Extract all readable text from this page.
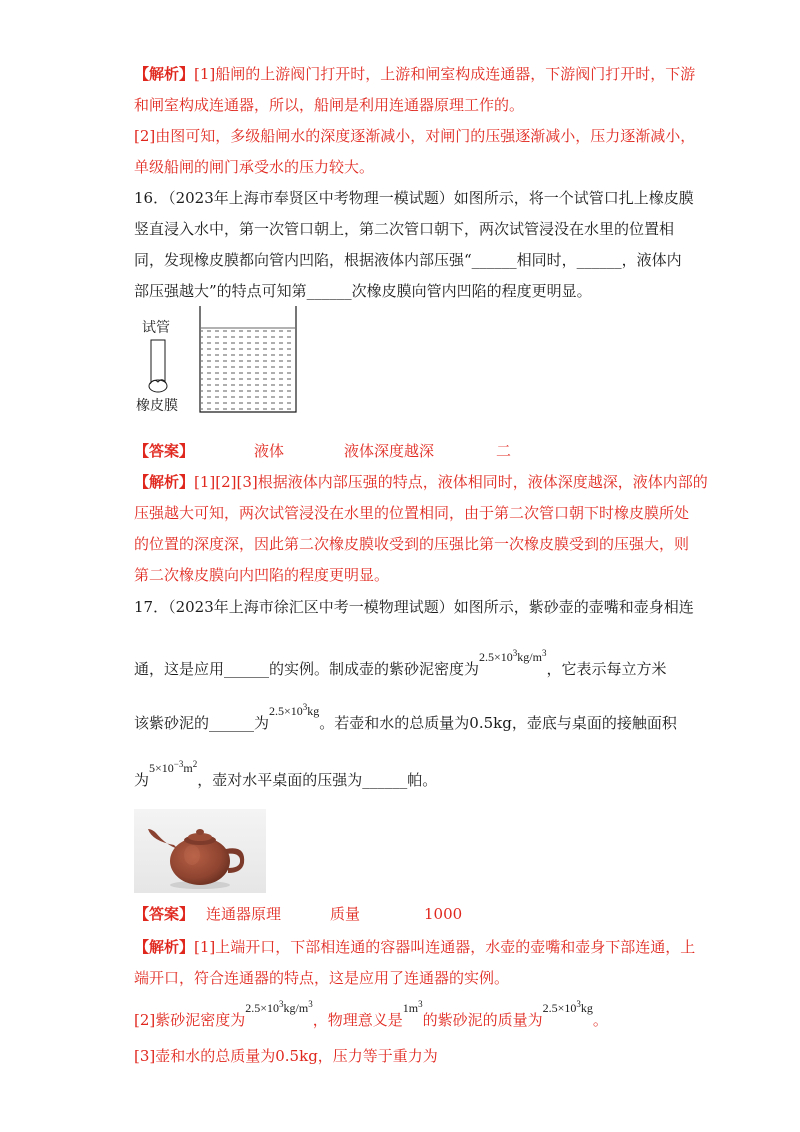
【解析】[1]船闸的上游阀门打开时，上游和闸室构成连通器，下游阀门打开时，下游
和闸室构成连通器，所以，船闸是利用连通器原理工作的。
[2]由图可知，多级船闸水的深度逐渐减小，对闸门的压强逐渐减小，压力逐渐减小，
单级船闸的闸门承受水的压力较大。
16．（2023年上海市奉贤区中考物理一模试题）如图所示，将一个试管口扎上橡皮膜
竖直浸入水中，第一次管口朝上，第二次管口朝下，两次试管浸没在水里的位置相
同，发现橡皮膜都向管内凹陷，根据液体内部压强“______相同时，______，液体内
部压强越大”的特点可知第______次橡皮膜向管内凹陷的程度更明显。
试管
橡皮膜
【答案】	液体	液体深度越深	二
【解析】[1][2][3]根据液体内部压强的特点，液体相同时，液体深度越深，液体内部的
压强越大可知，两次试管浸没在水里的位置相同，由于第二次管口朝下时橡皮膜所处
的位置的深度深，因此第二次橡皮膜收受到的压强比第一次橡皮膜受到的压强大，则
第二次橡皮膜向内凹陷的程度更明显。
17．（2023年上海市徐汇区中考一模物理试题）如图所示，紫砂壶的壶嘴和壶身相连
通，这是应用______的实例。制成壶的紫砂泥密度为$^{2.5\times 10^3kg/m^3}$，它表示每立方米
该紫砂泥的______为$^{2.5\times 10^3kg}$。若壶和水的总质量为0.5kg，壶底与桌面的接触面积
为$^{5\times 10^{-3}m^2}$，壶对水平桌面的压强为______帕。
【答案】 连通器原理	质量	1000
【解析】[1]上端开口，下部相连通的容器叫连通器，水壶的壶嘴和壶身下部连通，上
端开口，符合连通器的特点，这是应用了连通器的实例。
[2]紫砂泥密度为$^{2.5\times 10^3kg/m^3}$，物理意义是$^{1m^3}$的紫砂泥的质量为$^{2.5\times 10^3kg}$。
[3]壶和水的总质量为0.5kg，压力等于重力为
